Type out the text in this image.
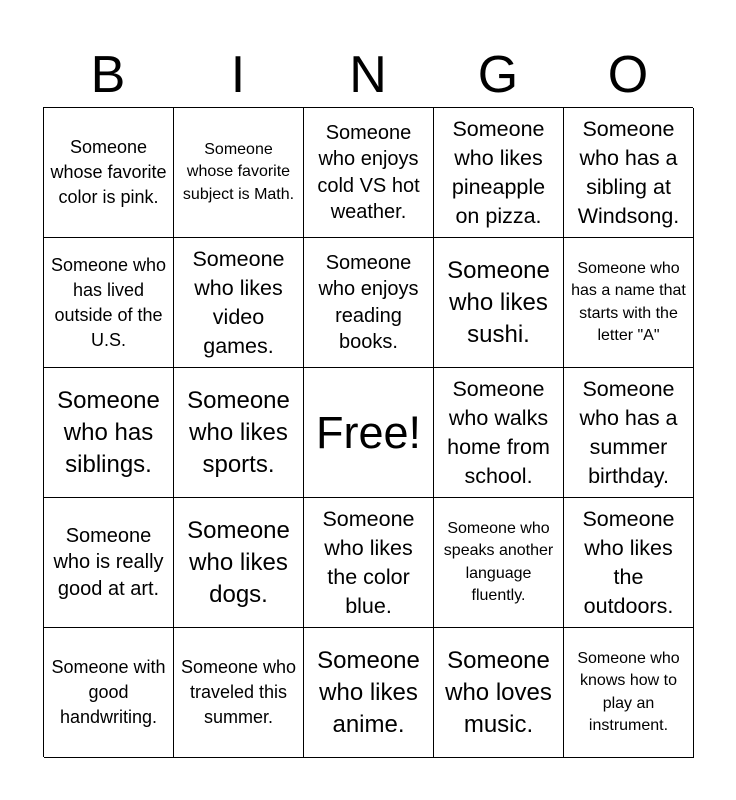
B	I	N	G	O
Someone whose favorite color is pink.
Someone whose favorite subject is Math.
Someone who enjoys cold VS hot weather.
Someone who likes pineapple on pizza.
Someone who has a sibling at Windsong.
Someone who has lived outside of the U.S.
Someone who likes video games.
Someone who enjoys reading books.
Someone who likes sushi.
Someone who has a name that starts with the letter "A"
Someone who has siblings.
Someone who likes sports.
Free!
Someone who walks home from school.
Someone who has a summer birthday.
Someone who is really good at art.
Someone who likes dogs.
Someone who likes the color blue.
Someone who speaks another language fluently.
Someone who likes the outdoors.
Someone with good handwriting.
Someone who traveled this summer.
Someone who likes anime.
Someone who loves music.
Someone who knows how to play an instrument.
